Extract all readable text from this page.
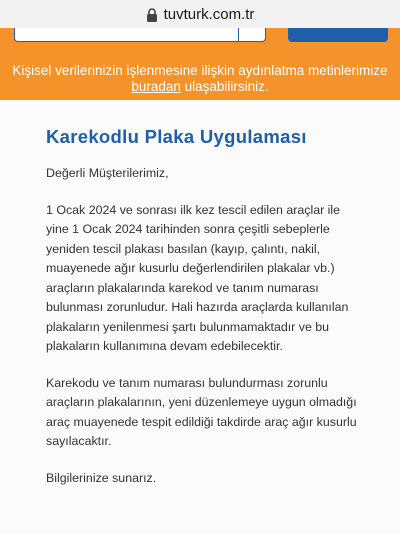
tuvturk.com.tr
Kişisel verilerinizin işlenmesine ilişkin aydınlatma metinlerimize buradan ulaşabilirsiniz.
Karekodlu Plaka Uygulaması

Değerli Müşterilerimiz,

1 Ocak 2024 ve sonrası ilk kez tescil edilen araçlar ile yine 1 Ocak 2024 tarihinden sonra çeşitli sebeplerle yeniden tescil plakası basılan (kayıp, çalıntı, nakil, muayenede ağır kusurlu değerlendirilen plakalar vb.) araçların plakalarında karekod ve tanım numarası bulunması zorunludur. Hali hazırda araçlarda kullanılan plakaların yenilenmesi şartı bulunmamaktadır ve bu plakaların kullanımına devam edebilecektir.

Karekodu ve tanım numarası bulundurması zorunlu araçların plakalarının, yeni düzenlemeye uygun olmadığı araç muayenede tespit edildiği takdirde araç ağır kusurlu sayılacaktır.

Bilgilerinize sunarız.
